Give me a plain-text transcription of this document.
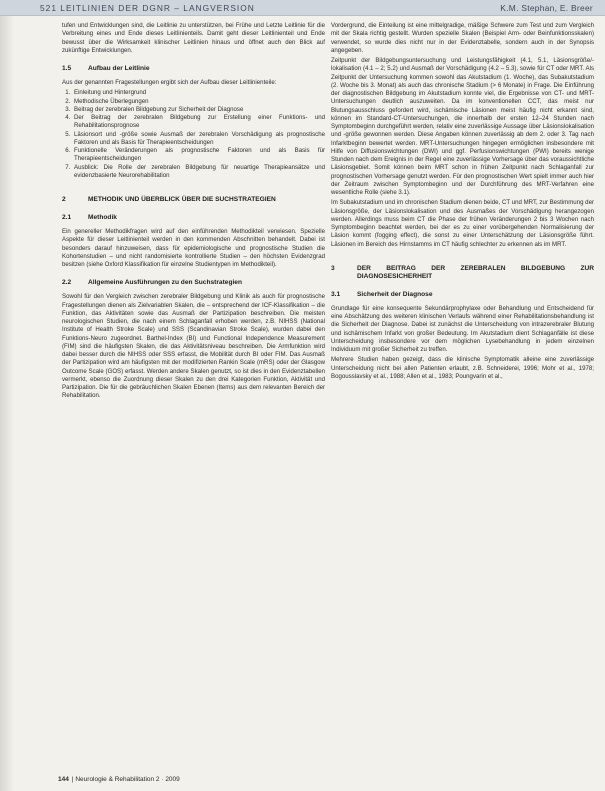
521 LEITLINIEN DER DGNR – LANGVERSION	K.M. Stephan, E. Breer

tufen und Entwicklungen sind, die Leitlinie zu unterstützen, bei Frühe und Letzte Leitlinie für die Verbreitung eines und Ende dieses Leitlinienteils. Damit geht dieser Leitlinienteil und Ende bewusst über die Wirksamkeit klinischer Leitlinien hinaus und öffnet auch den Blick auf zukünftige Entwicklungen.

1.5	Aufbau der Leitlinie

Aus der genannten Fragestellungen ergibt sich der Aufbau dieser Leitlinienteile:

1. Einleitung und Hintergrund
2. Methodische Überlegungen
3. Beitrag der zerebralen Bildgebung zur Sicherheit der Diagnose
4. Der Beitrag der zerebralen Bildgebung zur Erstellung einer Funktions- und Rehabilitationsprognose
5. Läsionsort und -größe sowie Ausmaß der zerebralen Vorschädigung als prognostische Faktoren und als Basis für Therapieentscheidungen
6. Funktionelle Veränderungen als prognostische Faktoren und als Basis für Therapieentscheidungen
7. Ausblick: Die Rolle der zerebralen Bildgebung für neuartige Therapieansätze und evidenzbasierte Neurorehabilitation
2	METHODIK UND ÜBERBLICK ÜBER DIE SUCHSTRATEGIEN
2.1	Methodik

Ein genereller Methodikfragen wird auf den einführenden Methodikteil verwiesen. Spezielle Aspekte für dieser Leitlinienteil werden in den kommenden Abschnitten behandelt. Dabei ist besonders darauf hinzuweisen, dass für epidemiologische und prognostische Studien die Kohortenstudien – und nicht randomisierte kontrollierte Studien – den höchsten Evidenzgrad besitzen (siehe Oxford Klassifikation für einzelne Studientypen im Methodikteil).

2.2	Allgemeine Ausführungen zu den Suchstrategien

Sowohl für den Vergleich zwischen zerebraler Bildgebung und Klinik als auch für prognostische Fragestellungen dienen als Zielvariablen Skalen, die – entsprechend der ICF-Klassifikation – die Funktion, das Aktivitäten sowie das Ausmaß der Partizipation beschreiben. Die meisten neurologischen Studien, die nach einem Schlaganfall erhoben werden, z.B. NIHSS (National Institute of Health Stroke Scale) und SSS (Scandinavian Stroke Scale), wurden dabei den Funktions-Neuro zugeordnet. Barthel-Index (BI) und Functional Independence Measurement (FIM) sind die häufigsten Skalen, die das Aktivitätsniveau beschreiben. Die Armfunktion wird dabei besser durch die NIHSS oder SSS erfasst, die Mobilität durch BI oder FIM. Das Ausmaß der Partizipation wird am häufigsten mit der modifizierten Rankin Scale (mRS) oder der Glasgow Outcome Scale (GOS) erfasst. Werden andere Skalen genutzt, so ist dies in den Evidenztabellen vermerkt, ebenso die Zuordnung dieser Skalen zu den drei Kategorien Funktion, Aktivität und Partizipation. Die für die gebräuchlichen Skalen Ebenen (Items) aus dem relevanten Bereich der Rehabilitation.

Vordergrund, die Einteilung ist eine mittelgradige, mäßige Schwere zum Test und zum Vergleich mit der Skala richtig gestellt. Wurden spezielle Skalen (Beispiel Arm- oder Beinfunktionsskalen) verwendet, so wurde dies nicht nur in der Evidenztabelle, sondern auch in der Synopsis angegeben.

Zeitpunkt der Bildgebungsuntersuchung und Leistungsfähigkeit (4.1, 5.1, Läsionsgröße/-lokalisation (4.1 – 2; 5.2) und Ausmaß der Vorschädigung (4.2 – 5.3), sowie für CT oder MRT. Als Zeitpunkt der Untersuchung kommen sowohl das Akutstadium (1. Woche), das Subakutstadium (2. Woche bis 3. Monat) als auch das chronische Stadium (> 6 Monate) in Frage. Die Einführung der diagnostischen Bildgebung im Akutstadium konnte viel, die Ergebnisse von CT- und MRT-Untersuchungen deutlich auszuweiten. Da im konventionellen CCT, das meist nur Blutungsausschluss gefordert wird, ischämische Läsionen meist häufig nicht erkannt sind, können im Standard-CT-Untersuchungen, die innerhalb der ersten 12–24 Stunden nach Symptombeginn durchgeführt werden, relativ eine zuverlässige Aussage über Läsionslokalisation und -größe gewonnen werden. Diese Angaben können zuverlässig ab dem 2. oder 3. Tag nach Infarktbeginn bewertet werden. MRT-Untersuchungen hingegen ermöglichen insbesondere mit Hilfe von Diffusionswichtungen (DWI) und ggf. Perfusionswichtungen (PWI) bereits wenige Stunden nach dem Ereignis in der Regel eine zuverlässige Vorhersage über das voraussichtliche Läsionsgebiet. Somit können beim MRT schon in frühen Zeitpunkt nach Schlaganfall zur prognostischen Vorhersage genutzt werden. Für den prognostischen Wert spielt immer auch hier der Zeitraum zwischen Symptombeginn und der Durchführung des MRT-Verfahren eine wesentliche Rolle (siehe 3.1).

Im Subakutstadium und im chronischen Stadium dienen beide, CT und MRT, zur Bestimmung der Läsionsgröße, der Läsionslokalisation und des Ausmaßes der Vorschädigung herangezogen werden. Allerdings muss beim CT die Phase der frühen Veränderungen 2 bis 3 Wochen nach Symptombeginn beachtet werden, bei der es zu einer vorübergehenden Normalisierung der Läsion kommt (fogging effect), die sonst zu einer Unterschätzung der Läsionsgröße führt. Läsionen im Bereich des Hirnstamms im CT häufig schlechter zu erkennen als im MRT.

3	DER BEITRAG DER ZEREBRALEN BILDGEBUNG ZUR DIAGNOSESICHERHEIT
3.1	Sicherheit der Diagnose

Grundlage für eine konsequente Sekundärprophylaxe oder Behandlung und Entscheidend für eine Abschätzung des weiteren klinischen Verlaufs während einer Rehabilitationsbehandlung ist die Sicherheit der Diagnose. Dabei ist zunächst die Unterscheidung von intrazerebraler Blutung und ischämischem Infarkt von großer Bedeutung. Im Akutstadium dient Schlaganfälle ist diese Unterscheidung insbesondere vor dem möglichen Lysebehandlung in jedem einzelnen Individuum mit großer Sicherheit zu treffen.

Mehrere Studien haben gezeigt, dass die klinische Symptomatik alleine eine zuverlässige Unterscheidung nicht bei allen Patienten erlaubt, z.B. Schneiderei, 1996; Mohr et al., 1978; Bogousslavsky et al., 1988; Allen et al., 1983; Poungvarin et al.,

144 | Neurologie & Rehabilitation 2 · 2009
